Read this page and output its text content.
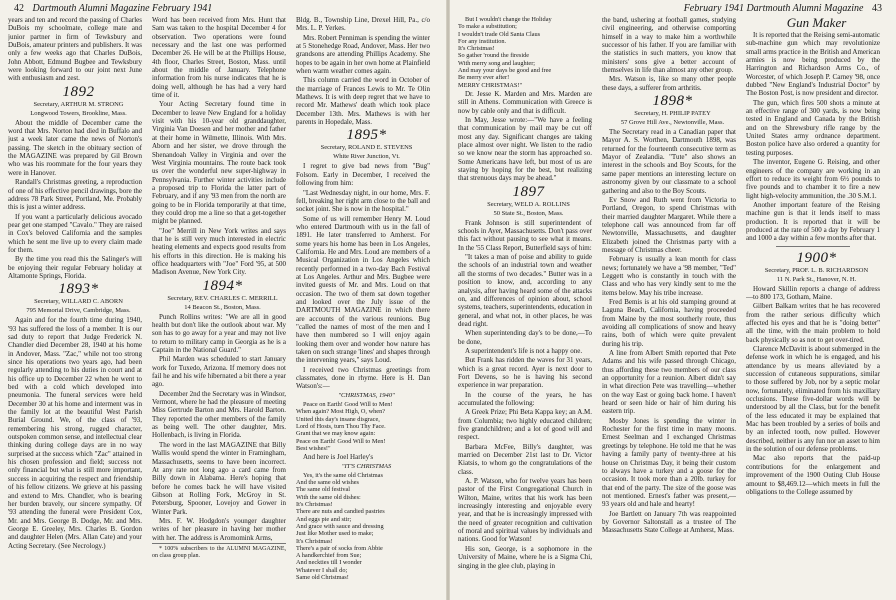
42 Dartmouth Alumni Magazine February 1941

years and ten and record the passing of Charles DuBois my schoolmate, college mate and junior partner in firm of Tewksbury and DuBois, amateur printers and publishers. It was only a few weeks ago that Charles DuBois, John Abbott, Edmund Bugbee and Tewksbury were looking forward to our joint next June with enthusiasm and zest.

1892

Secretary, ARTHUR M. STRONG

Longwood Towers, Brookline, Mass.

About the middle of December came the word that Mrs. Norton had died in Buffalo and just a week later came the news of Norton's passing. The sketch in the obituary section of the MAGAZINE was prepared by Gil Brown who was his roommate for the four years they were in Hanover.

Randall's Christmas greeting, a reproduction of one of his effective pencil drawings, bore the address 78 Park Street, Portland, Me. Probably this is just a winter address.

If you want a particularly delicious avocado pear get one stamped "Cavalo." They are raised in Cox's beloved California and the samples which he sent me live up to every claim made for them.

By the time you read this the Salinger's will be enjoying their regular February holiday at Altamonte Springs, Florida.

1893*

Secretary, WILLARD C. ABORN

795 Memorial Drive, Cambridge, Mass.

Again and for the fourth time during 1940, '93 has suffered the loss of a member. It is our sad duty to report that Judge Frederick N. Chandler died December 28, 1940 at his home in Andover, Mass. "Zac," while not too strong since his operations two years ago, had been regularly attending to his duties in court and at his office up to December 22 when he went to bed with a cold which developed into pneumonia. The funeral services were held December 30 at his home and interment was in the family lot at the beautiful West Parish Burial Ground. We, of the class of '93, remembering his strong, rugged character, outspoken common sense, and intellectual clear thinking during college days are in no way surprised at the success which "Zac" attained in his chosen profession and field; success not only financial but what is still more important, success in acquiring the respect and friendship of his fellow citizens. We grieve at his passing and extend to Mrs. Chandler, who is bearing her burden bravely, our sincere sympathy. Of '93 attending the funeral were President Cox, Mr. and Mrs. George B. Dodge, Mr. and Mrs. George E. Greeley, Mrs. Charles B. Gordon and daughter Helen (Mrs. Allan Cate) and your Acting Secretary. (See Necrology.)

Word has been received from Mrs. Hunt that Sam was taken to the hospital December 4 for observation. Two operations were found necessary and the last one was performed December 26. He will be at the Phillips House, 4th floor, Charles Street, Boston, Mass. until about the middle of January. Telephone information from his nurse indicates that he is doing well, although he has had a very hard time of it.

Your Acting Secretary found time in December to leave New England for a holiday visit with his 10-year old granddaughter, Virginia Van Doesen and her mother and father at their home in Wilmette, Illinois. With Mrs. Aborn and her sister, we drove through the Shenandoah Valley in Virginia and over the West Virginia mountains. The route back took us over the wonderful new super-highway in Pennsylvania. Further winter activities include a proposed trip to Florida the latter part of February, and if any '93 men from the north are going to be in Florida temporarily at that time, they could drop me a line so that a get-together might be planned.

"Joe" Merrill in New York writes and says that he is still very much interested in electric heating elements and expects good results from his efforts in this direction. He is making his office headquarters with "Joe" Ford '95, at 500 Madison Avenue, New York City.

1894*

Secretary, REV. CHARLES C. MERRILL

14 Beacon St., Boston, Mass.

Punch Rollins writes: "We are all in good health but don't like the outlook about war. My son has to go away for a year and may not live to return to military camp in Georgia as he is a Captain in the National Guard."

Phil Marden was scheduled to start January work for Tuxedo, Arizona. If memory does not fail he and his wife hibernated a bit there a year ago.

December 2nd the Secretary was in Windsor, Vermont, where he had the pleasure of meeting Miss Gertrude Barton and Mrs. Harold Barton. They reported the other members of the family as being well. The other daughter, Mrs. Hollenbach, is living in Florida.

The word in the last MAGAZINE that Billy Wallis would spend the winter in Framingham, Massachusetts, seems to have been incorrect. At any rate not long ago a card came from Billy down in Alabama. Here's hoping that before he comes back he will have visited Gibson at Rolling Fork, McGroy in St. Petersburg, Spooner, Lovejoy and Gower in Winter Park.

Mrs. F. W. Hodgdon's younger daughter writes of her pleasure in having her mother with her. The address is Aromomink Arms,

* 100% subscribers to the ALUMNI MAGAZINE, on class group plan.

Bldg. B., Township Line, Drexel Hill, Pa., c/o Mrs. L. P. Yerkes.

Mrs. Robert Penniman is spending the winter at 5 Stonehedge Road, Andover, Mass. Her two grandsons are attending Phillips Academy. She hopes to be again in her own home at Plainfield when warm weather comes again.

This column carried the word in October of the marriage of Frances Lewis to Mr. Te Olin Mathews. It is with deep regret that we have to record Mr. Mathews' death which took place December 13th. Mrs. Mathews is with her parents in Hopedale, Mass.

1895*

Secretary, ROLAND E. STEVENS

White River Junction, Vt.

I regret to give bad news from "Bug" Folsom. Early in December, I received the following from him:

"Last Wednesday night, in our home, Mrs. F. fell, breaking her right arm close to the ball and socket joint. She is now in the hospital."

Some of us will remember Henry M. Loud who entered Dartmouth with us in the fall of 1891. He later transferred to Amherst. For some years his home has been in Los Angeles, California. He and Mrs. Loud are members of a Musical Organization in Los Angeles which recently performed in a two-day Bach Festival at Los Angeles. Arthur and Mrs. Bugbee were invited guests of Mr. and Mrs. Loud on that occasion. The two of them sat down together and looked over the July issue of the DARTMOUTH MAGAZINE in which there are accounts of the various reunions. Bug "called the names of most of the men and I have then numbered so I will enjoy again looking them over and wonder how nature has taken on such strange 'lines' and shapes through the intervening years," says Loud.

I received two Christmas greetings from classmates, done in rhyme. Here is H. Dan Watson's:—

"CHRISTMAS, 1940"

Peace on Earth! Good Will to Men!
When again? Most High, O, when?
United this day's insane disgrace,
Lord of Hosts, turn Thou Thy Face.
Grant that we may know again:
Peace on Earth! Good Will to Men!
Best wishes!"

And here is Joel Harley's

"IT'S CHRISTMAS

Yes, it's the same old Christmas
And the same old wishes
The same old festival
With the same old dishes:
It's Christmas!
There are nuts and candied pastries
And eggs pie and stir;
And grace with sauce and dressing
Just like Mother used to make;
It's Christmas!
There's a pair of socks from Abbie
A handkerchief from Sue;
And neckties till I wonder
Whatever I shall do;
Same old Christmas!

February 1941 Dartmouth Alumni Magazine 43

But I wouldn't change the Holiday
To make a substitution;
I wouldn't trade Old Santa Claus
For any institution.
It's Christmas!
So gather 'round the fireside
With merry song and laughter;
And may your days be good and free
Be merry ever after!
MERRY CHRISTMAS!"

Dr. Jesse K. Marden and Mrs. Marden are still in Athens. Communication with Greece is now by cable only and that is difficult.

In May, Jesse wrote:—"We have a feeling that communication by mail may be cut off most any day. Significant changes are taking place almost over night. We listen to the radio so we know near the storm has approached so. Some Americans have left, but most of us are staying by hoping for the best, but realizing that strenuous days may be ahead."

1897

Secretary, WELD A. ROLLINS

50 State St., Boston, Mass.

Frank Johnson is still superintendent of schools in Ayer, Massachusetts. Don't pass over this fact without pausing to see what it means. In the '55 Class Report, Butterfield says of him:

"It takes a man of poise and ability to guide the schools of an industrial town and weather all the storms of two decades." Butter was in a position to know, and, according to any analysis, after having heard some of the attacks on, and differences of opinion about, school systems, teachers, superintendents, education in general, and what not, in other places, he was dead right.

When superintending day's to be done,—To be done,

A superintendent's life is not a happy one.

But Frank has ridden the waves for 31 years, which is a great record. Ayer is next door to Fort Devens, so he is having his second experience in war preparation.

In the course of the years, he has accumulated the following:

A Greek Prize; Phi Beta Kappa key; an A.M. from Columbia; two highly educated children; five grandchildren; and a lot of good will and respect.

Barbara McFee, Billy's daughter, was married on December 21st last to Dr. Victor Kiatsis, to whom go the congratulations of the class.

A. P. Watson, who for twelve years has been pastor of the First Congregational Church in Wilton, Maine, writes that his work has been increasingly interesting and enjoyable every year, and that he is increasingly impressed with the need of greater recognition and cultivation of moral and spiritual values by individuals and nations. Good for Watson!

His son, George, is a sophomore in the University of Maine, where he is a Sigma Chi, singing in the glee club, playing in

the band, ushering at football games, studying civil engineering, and otherwise comporting himself in a way to make him a worthwhile successor of his father. If you are familiar with the statistics in such matters, you know that ministers' sons give a better account of themselves in life than almost any other group.

Mrs. Watson is, like so many other people these days, a sufferer from arthritis.

1898*

Secretary, H. PHILIP PATEY

57 Grove Hill Ave., Newtonville, Mass.

The Secretary read in a Canadian paper that Mayor A. S. Worthen, Dartmouth 1898, was returned for the fourteenth consecutive term as Mayor of Zealandia. "Tute" also shows an interest in the schools and Boy Scouts, for the same paper mentions an interesting lecture on astronomy given by our classmate to a school gathering and also to the Boy Scouts.

Ev Snow and Ruth went from Victoria to Portland, Oregon, to spend Christmas with their married daughter Margaret. While there a telephone call was announced from far off Newtonville, Massachusetts, and daughter Elizabeth joined the Christmas party with a message of Christmas cheer.

February is usually a lean month for class news; fortunately we have a '98 member, "Ted" Leggett who is constantly in touch with the Class and who has very kindly sent to me the items below. May his tribe increase.

Fred Bemis is at his old stamping ground at Laguna Beach, California, having proceeded from Maine by the most southerly route, thus avoiding all complications of snow and heavy rains, both of which were quite prevalent during his trip.

A line from Albert Smith reported that Pete Adams and his wife passed through Chicago, thus affording these two members of our class an opportunity for a reunion. Albert didn't say in what direction Pete was travelling—whether on the way East or going back home. I haven't heard or seen hide or hair of him during his eastern trip.

Mosby Jones is spending the winter in Rochester for the first time in many moons. Ernest Seelman and I exchanged Christmas greetings by telephone. He told me that he was having a family party of twenty-three at his house on Christmas Day, it being their custom to always have a turkey and a goose for the occasion. It took more than a 20lb. turkey for that end of the party. The size of the goose was not mentioned. Ernest's father was present,—93 years old and hale and hearty!

Joe Bartlett on January 7th was reappointed by Governor Saltonstall as a trustee of The Massachusetts State College at Amherst, Mass.

Gun Maker

It is reported that the Reising semi-automatic sub-machine gun which may revolutionize small arms practice in the British and American armies is now being produced by the Harrington and Richardson Arms Co., of Worcester, of which Joseph P. Carney '98, once dubbed "New England's Industrial Doctor" by The Boston Post, is now president and director.

The gun, which fires 500 shots a minute at an effective range of 300 yards, is now being tested in England and Canada by the British and on the Shrewsbury rifle range by the United States army ordnance department. Boston police have also ordered a quantity for testing purposes.

The inventor, Eugene G. Reising, and other engineers of the company are working in an effort to reduce its weight from 6½ pounds to five pounds and to chamber it to fire a new light high-velocity ammunition, the .30 S.M.1.

Another important feature of the Reising machine gun is that it lends itself to mass production. It is reported that it will be produced at the rate of 500 a day by February 1 and 1000 a day within a few months after that.

1900*

Secretary, PROF. L. B. RICHARDSON

11 N. Park St., Hanover, N. H.

Howard Skillin reports a change of address—to 800 173, Gotham, Maine.

Gilbert Balkam writes that he has recovered from the rather serious difficulty which affected his eyes and that he is "doing better" all the time, with the main problem to hold back physically so as not to get over-tired.

Clarence McDavitt is about submerged in the defense work in which he is engaged, and his attendance by us means alleviated by a succession of cutaneous suppurations, similar to those suffered by Job, nor by a septic molar now, fortunately, eliminated from his maxillary occlusions. These five-dollar words will be understood by all the Class, but for the benefit of the less educated it may be explained that Mac has been troubled by a series of boils and by an infected tooth, now pulled. However described, neither is any fun nor an asset to him in the solution of our defense problems.

Mac also reports that the paid-up contributions for the enlargement and improvement of the 1900 Outing Club House amount to $8,469.12—which meets in full the obligations to the College assumed by
